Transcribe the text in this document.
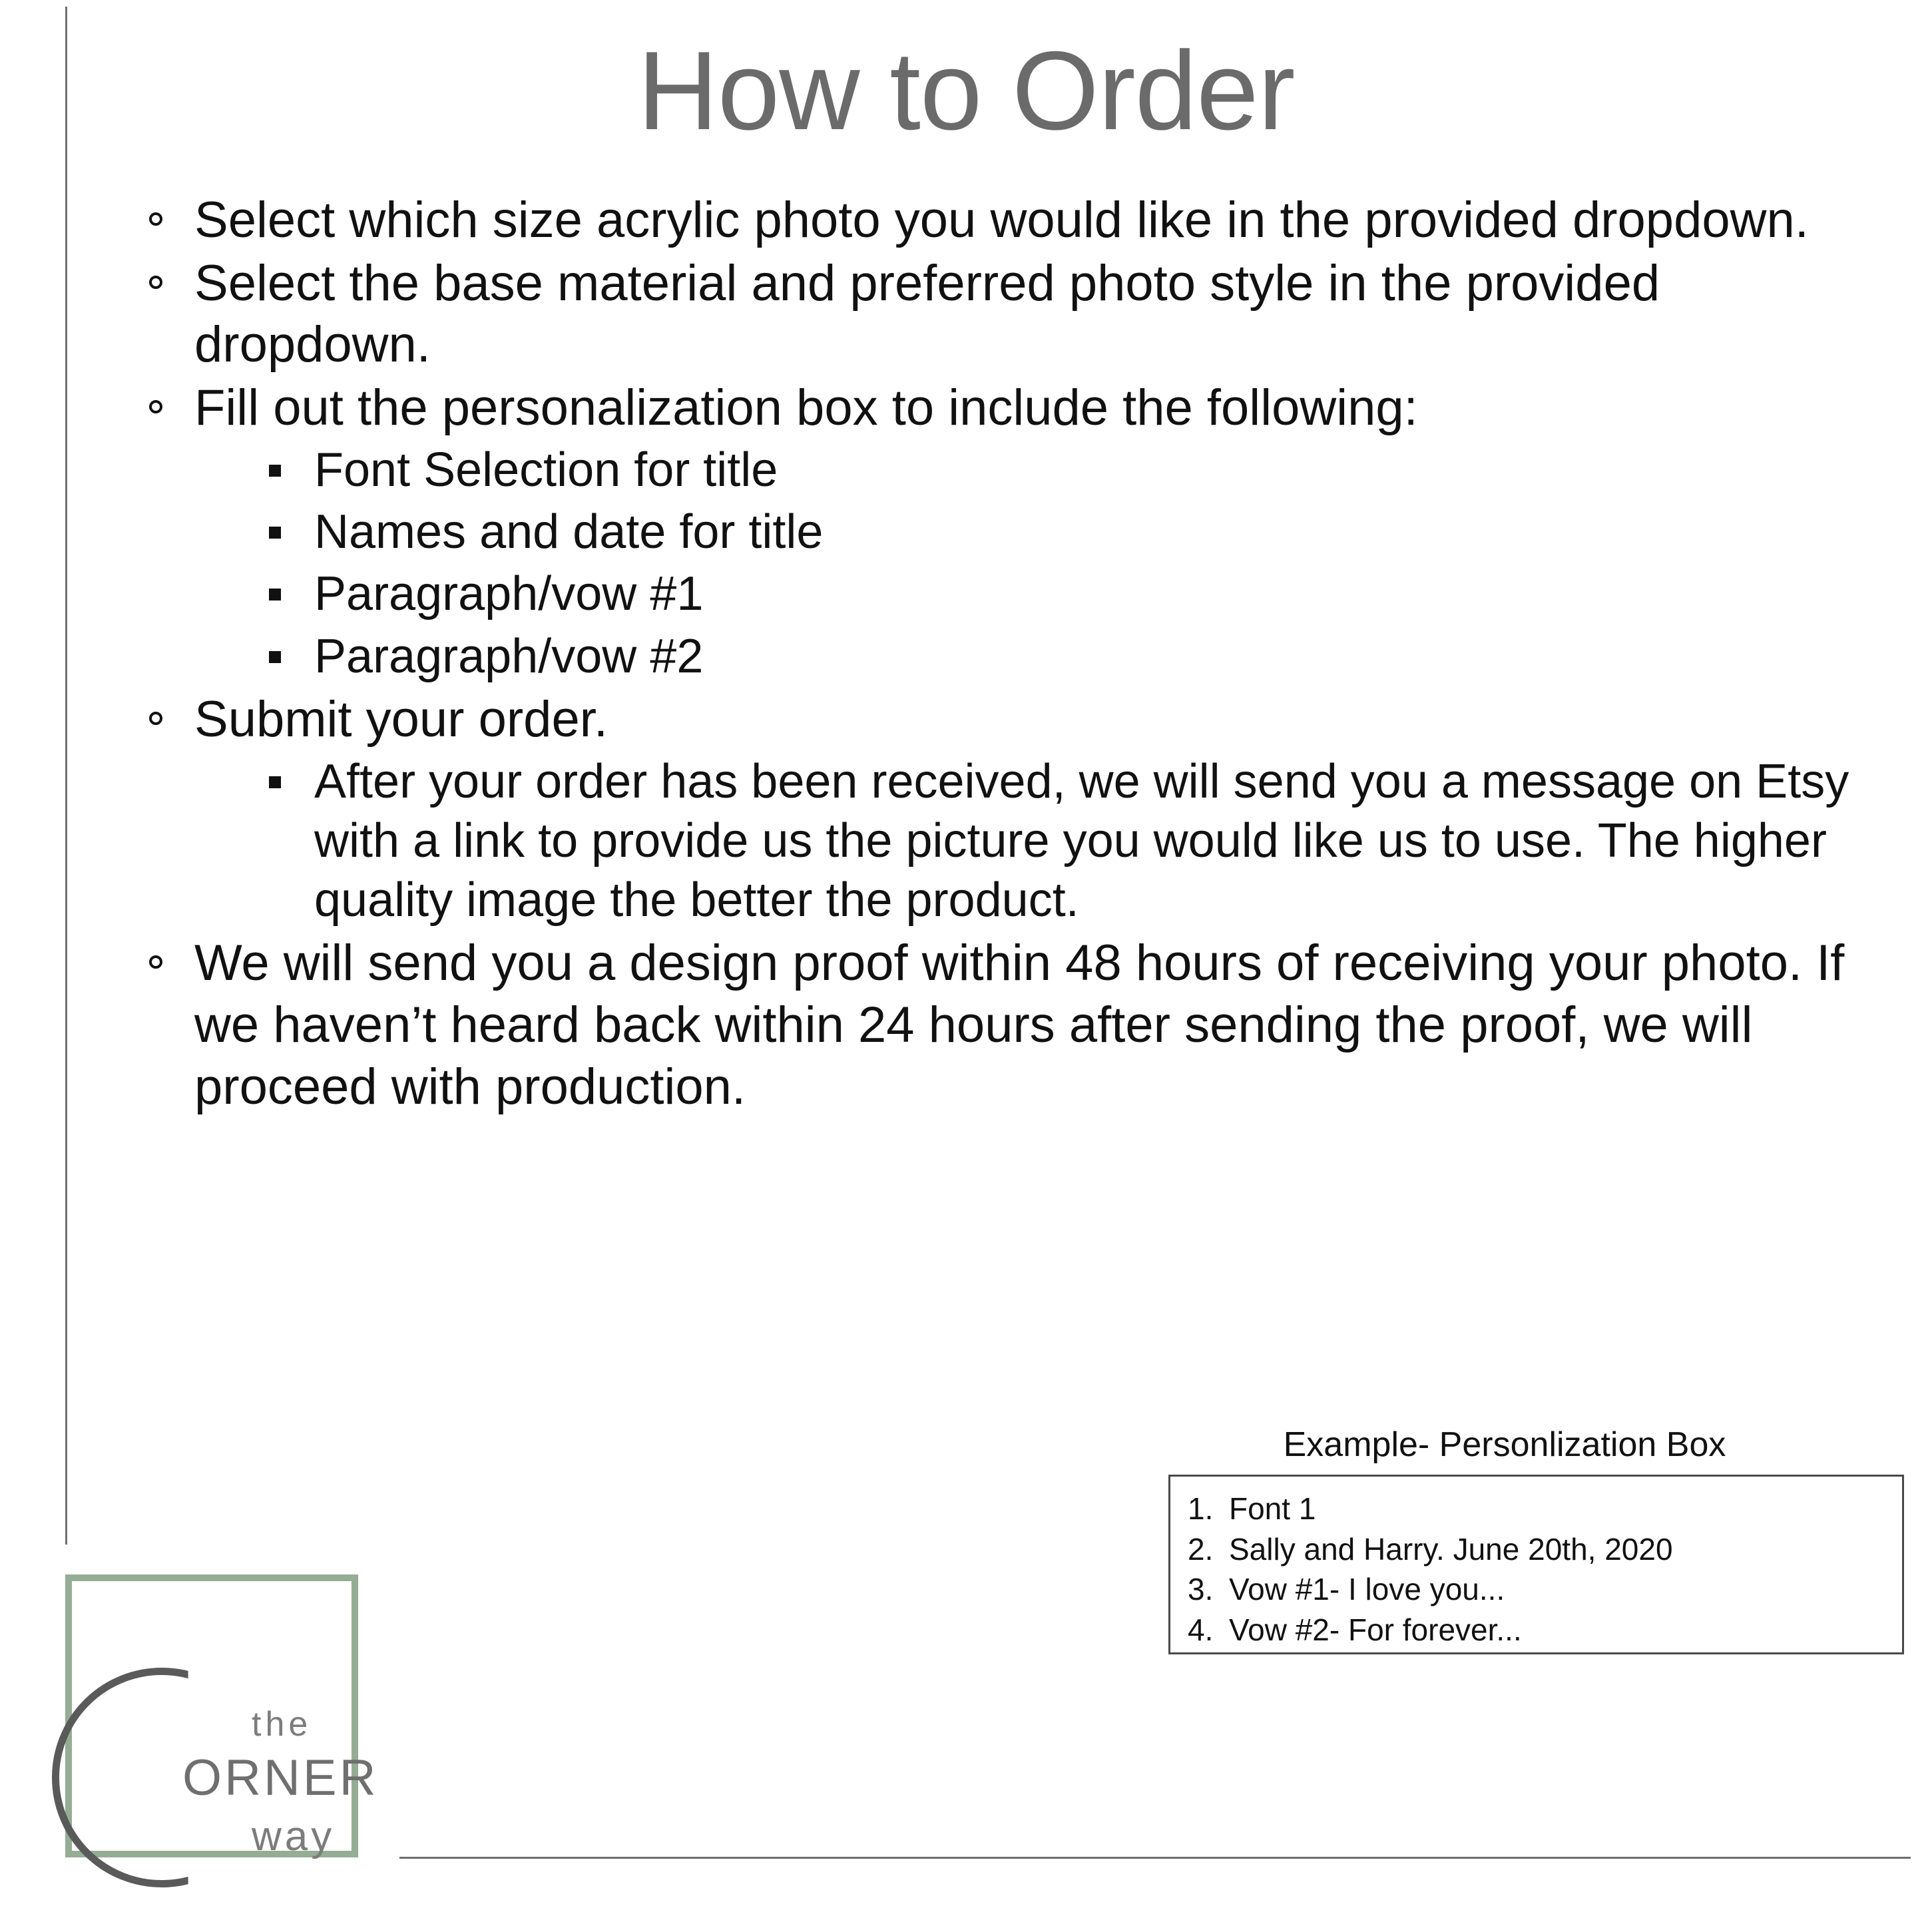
How to Order
Select which size acrylic photo you would like in the provided dropdown.
Select the base material and preferred photo style in the provided dropdown.
Fill out the personalization box to include the following:
Font Selection for title
Names and date for title
Paragraph/vow #1
Paragraph/vow #2
Submit your order.
After your order has been received, we will send you a message on Etsy with a link to provide us the picture you would like us to use. The higher quality image the better the product.
We will send you a design proof within 48 hours of receiving your photo. If we haven’t heard back within 24 hours after sending the proof, we will proceed with production.
Example- Personlization Box
Font 1
Sally and Harry. June 20th, 2020
Vow #1- I love you...
Vow #2- For forever...
the
ORNER
way
